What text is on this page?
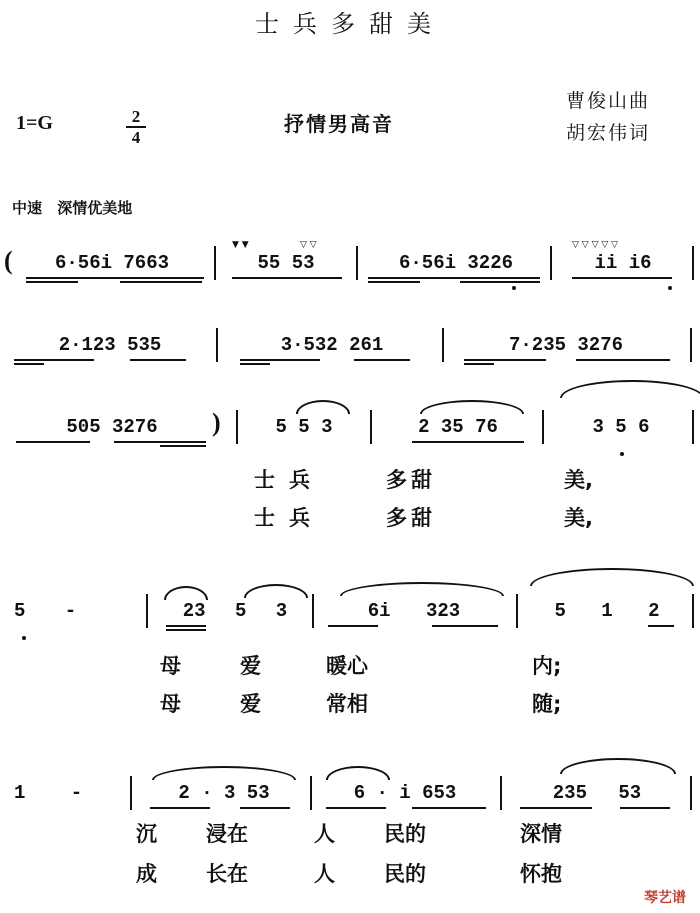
士兵多甜美
1=G	2
4
抒情男高音
曹俊山曲
胡宏伟词
中速 深情优美地
(	6·56i 7663
▼ ▼	▽ ▽
55 53	6·56i 3226
▽ ▽ ▽ ▽ ▽
ii i6
2·123 535	3·532 261	7·235 3276
505 3276	)	5 5 3	2 35 76	3 5 6
士兵	多甜	美,
士兵	多甜	美,
5 -	23 5 3	6i 323	5 1 2
母	爱	暖心	内;
母	爱	常相	随;
1 -	2 · 3 53	6 · i 653	235 53
沉 浸在	人 民的	深情
成 长在	人 民的	怀抱
琴艺谱
